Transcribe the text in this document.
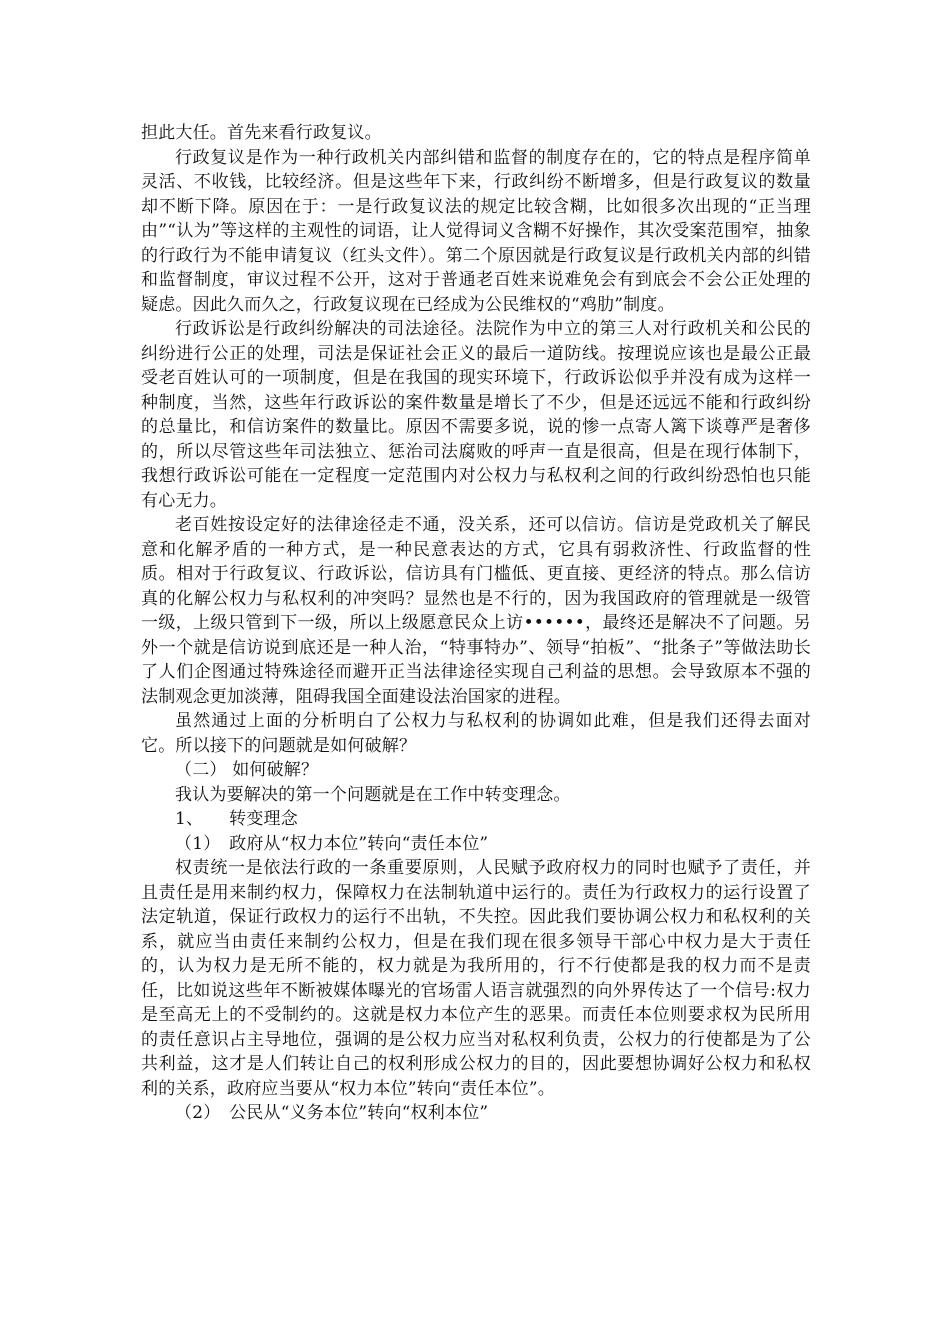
担此大任。首先来看行政复议。

行政复议是作为一种行政机关内部纠错和监督的制度存在的，它的特点是程序简单灵活、不收钱，比较经济。但是这些年下来，行政纠纷不断增多，但是行政复议的数量却不断下降。原因在于：一是行政复议法的规定比较含糊，比如很多次出现的“正当理由”“认为”等这样的主观性的词语，让人觉得词义含糊不好操作，其次受案范围窄，抽象的行政行为不能申请复议（红头文件）。第二个原因就是行政复议是行政机关内部的纠错和监督制度，审议过程不公开，这对于普通老百姓来说难免会有到底会不会公正处理的疑虑。因此久而久之，行政复议现在已经成为公民维权的“鸡肋”制度。

行政诉讼是行政纠纷解决的司法途径。法院作为中立的第三人对行政机关和公民的纠纷进行公正的处理，司法是保证社会正义的最后一道防线。按理说应该也是最公正最受老百姓认可的一项制度，但是在我国的现实环境下，行政诉讼似乎并没有成为这样一种制度，当然，这些年行政诉讼的案件数量是增长了不少，但是还远远不能和行政纠纷的总量比，和信访案件的数量比。原因不需要多说，说的惨一点寄人篱下谈尊严是奢侈的，所以尽管这些年司法独立、惩治司法腐败的呼声一直是很高，但是在现行体制下，我想行政诉讼可能在一定程度一定范围内对公权力与私权利之间的行政纠纷恐怕也只能有心无力。

老百姓按设定好的法律途径走不通，没关系，还可以信访。信访是党政机关了解民意和化解矛盾的一种方式，是一种民意表达的方式，它具有弱救济性、行政监督的性质。相对于行政复议、行政诉讼，信访具有门槛低、更直接、更经济的特点。那么信访真的化解公权力与私权利的冲突吗？显然也是不行的，因为我国政府的管理就是一级管一级，上级只管到下一级，所以上级愿意民众上访••••••，最终还是解决不了问题。另外一个就是信访说到底还是一种人治，“特事特办”、领导“拍板”、“批条子”等做法助长了人们企图通过特殊途径而避开正当法律途径实现自己利益的思想。会导致原本不强的法制观念更加淡薄，阻碍我国全面建设法治国家的进程。

虽然通过上面的分析明白了公权力与私权利的协调如此难，但是我们还得去面对它。所以接下的问题就是如何破解？

（二） 如何破解？

我认为要解决的第一个问题就是在工作中转变理念。

1、　　转变理念

（1）　政府从“权力本位”转向“责任本位”

权责统一是依法行政的一条重要原则，人民赋予政府权力的同时也赋予了责任，并且责任是用来制约权力，保障权力在法制轨道中运行的。责任为行政权力的运行设置了法定轨道，保证行政权力的运行不出轨，不失控。因此我们要协调公权力和私权利的关系，就应当由责任来制约公权力，但是在我们现在很多领导干部心中权力是大于责任的，认为权力是无所不能的，权力就是为我所用的，行不行使都是我的权力而不是责任，比如说这些年不断被媒体曝光的官场雷人语言就强烈的向外界传达了一个信号:权力是至高无上的不受制约的。这就是权力本位产生的恶果。而责任本位则要求权为民所用的责任意识占主导地位，强调的是公权力应当对私权利负责，公权力的行使都是为了公共利益，这才是人们转让自己的权利形成公权力的目的，因此要想协调好公权力和私权利的关系，政府应当要从“权力本位”转向“责任本位”。

（2）　公民从“义务本位”转向“权利本位”
